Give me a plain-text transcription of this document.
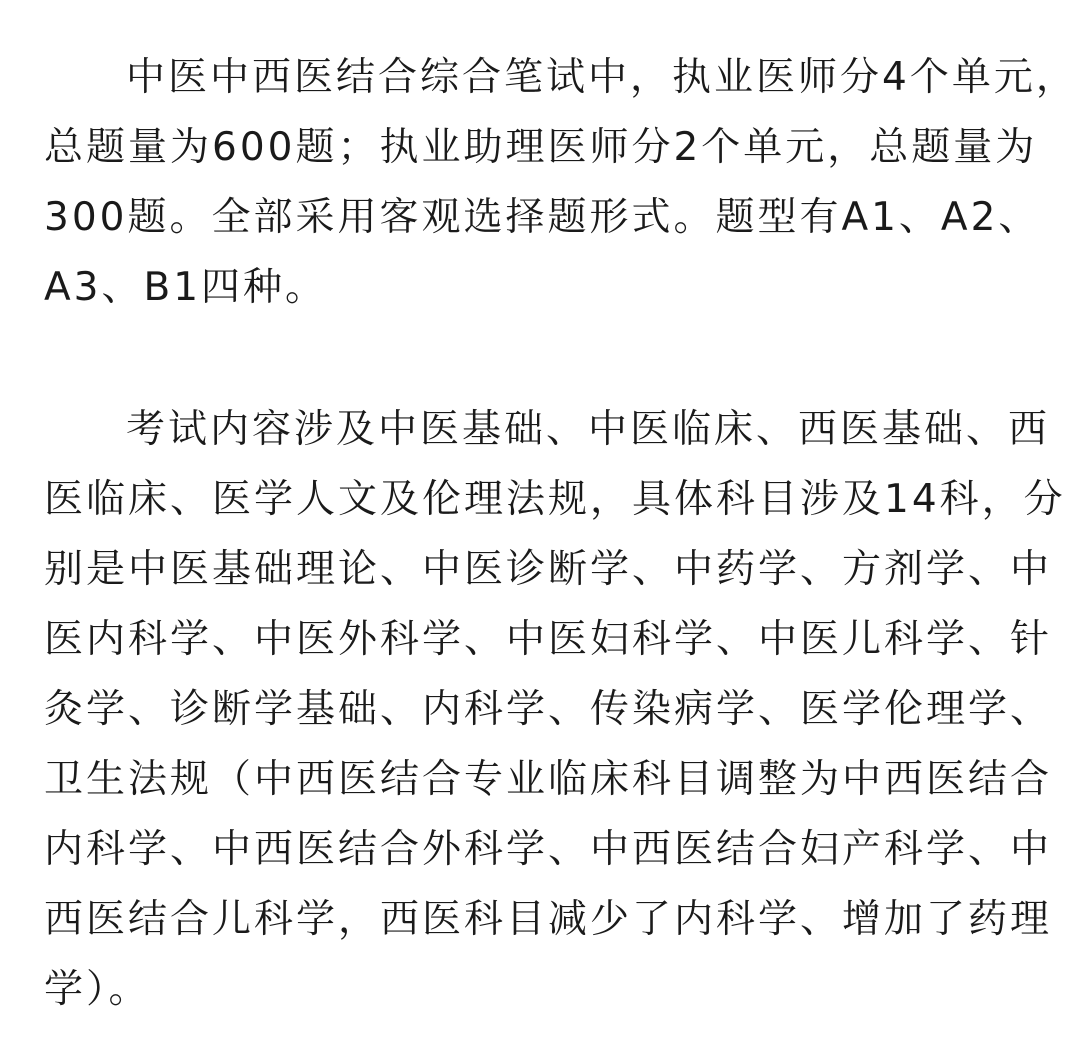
中医中西医结合综合笔试中，执业医师分4个单元，
总题量为600题；执业助理医师分2个单元，总题量为
300题。全部采用客观选择题形式。题型有A1、A2、
A3、B1四种。
考试内容涉及中医基础、中医临床、西医基础、西
医临床、医学人文及伦理法规，具体科目涉及14科，分
别是中医基础理论、中医诊断学、中药学、方剂学、中
医内科学、中医外科学、中医妇科学、中医儿科学、针
灸学、诊断学基础、内科学、传染病学、医学伦理学、
卫生法规（中西医结合专业临床科目调整为中西医结合
内科学、中西医结合外科学、中西医结合妇产科学、中
西医结合儿科学，西医科目减少了内科学、增加了药理
学）。
